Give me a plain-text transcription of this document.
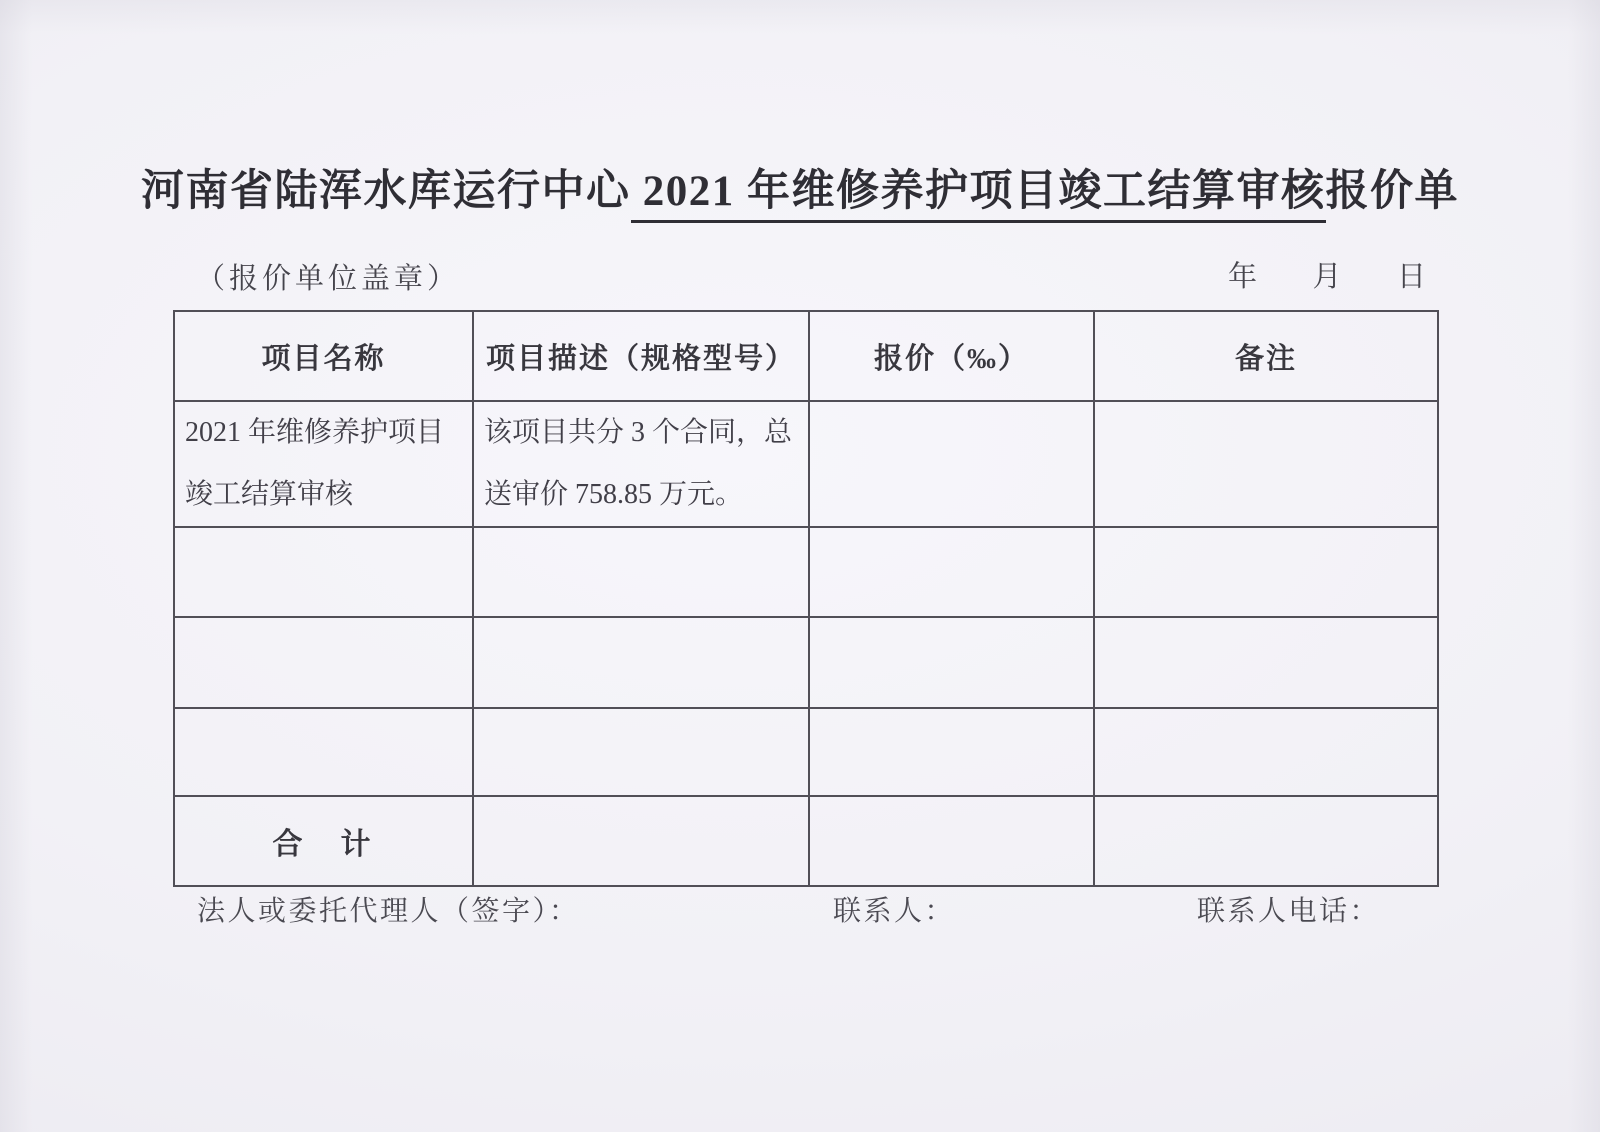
河南省陆浑水库运行中心 2021 年维修养护项目竣工结算审核报价单
（报价单位盖章）	年 月 日
项目名称	项目描述（规格型号）	报价（‰）	备注
2021 年维修养护项目竣工结算审核	该项目共分 3 个合同，总送审价 758.85 万元。		

合　计			
法人或委托代理人（签字）：	联系人：	联系人电话：
